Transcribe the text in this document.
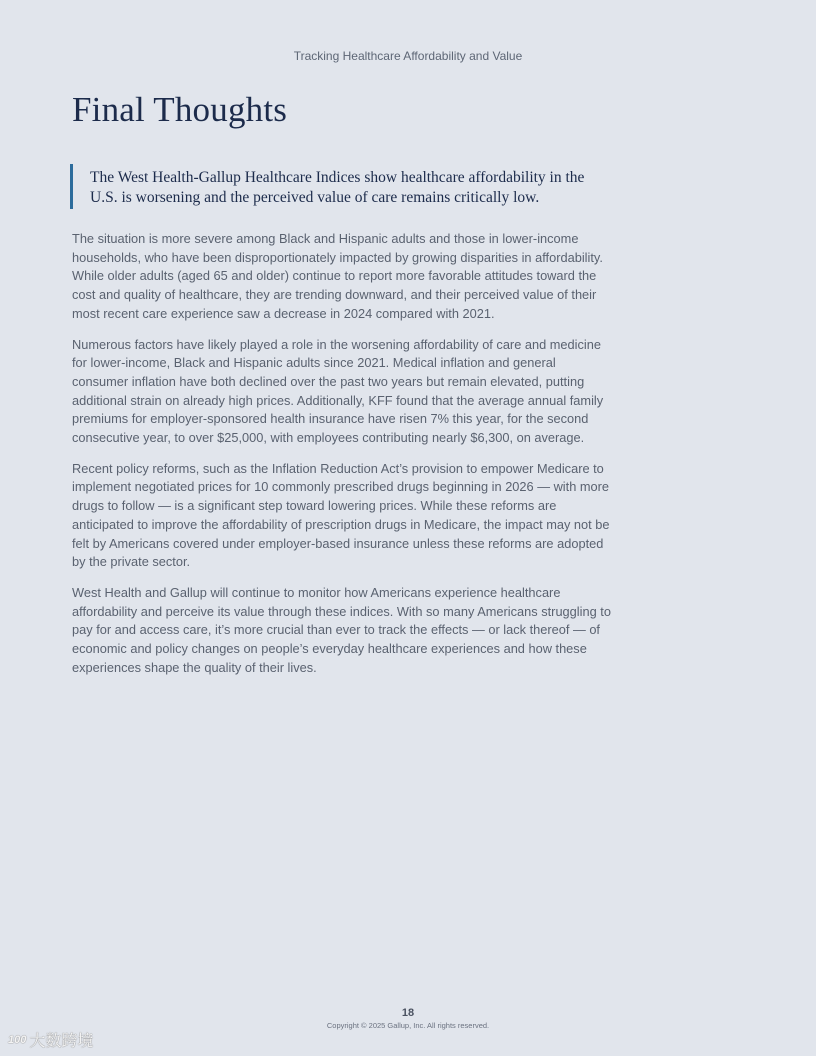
Tracking Healthcare Affordability and Value
Final Thoughts
The West Health-Gallup Healthcare Indices show healthcare affordability in the U.S. is worsening and the perceived value of care remains critically low.

The situation is more severe among Black and Hispanic adults and those in lower-income households, who have been disproportionately impacted by growing disparities in affordability. While older adults (aged 65 and older) continue to report more favorable attitudes toward the cost and quality of healthcare, they are trending downward, and their perceived value of their most recent care experience saw a decrease in 2024 compared with 2021.

Numerous factors have likely played a role in the worsening affordability of care and medicine for lower-income, Black and Hispanic adults since 2021. Medical inflation and general consumer inflation have both declined over the past two years but remain elevated, putting additional strain on already high prices. Additionally, KFF found that the average annual family premiums for employer-sponsored health insurance have risen 7% this year, for the second consecutive year, to over $25,000, with employees contributing nearly $6,300, on average.

Recent policy reforms, such as the Inflation Reduction Act’s provision to empower Medicare to implement negotiated prices for 10 commonly prescribed drugs beginning in 2026 — with more drugs to follow — is a significant step toward lowering prices. While these reforms are anticipated to improve the affordability of prescription drugs in Medicare, the impact may not be felt by Americans covered under employer-based insurance unless these reforms are adopted by the private sector.

West Health and Gallup will continue to monitor how Americans experience healthcare affordability and perceive its value through these indices. With so many Americans struggling to pay for and access care, it’s more crucial than ever to track the effects — or lack thereof — of economic and policy changes on people’s everyday healthcare experiences and how these experiences shape the quality of their lives.

18
Copyright © 2025 Gallup, Inc. All rights reserved.
100 大数跨境
